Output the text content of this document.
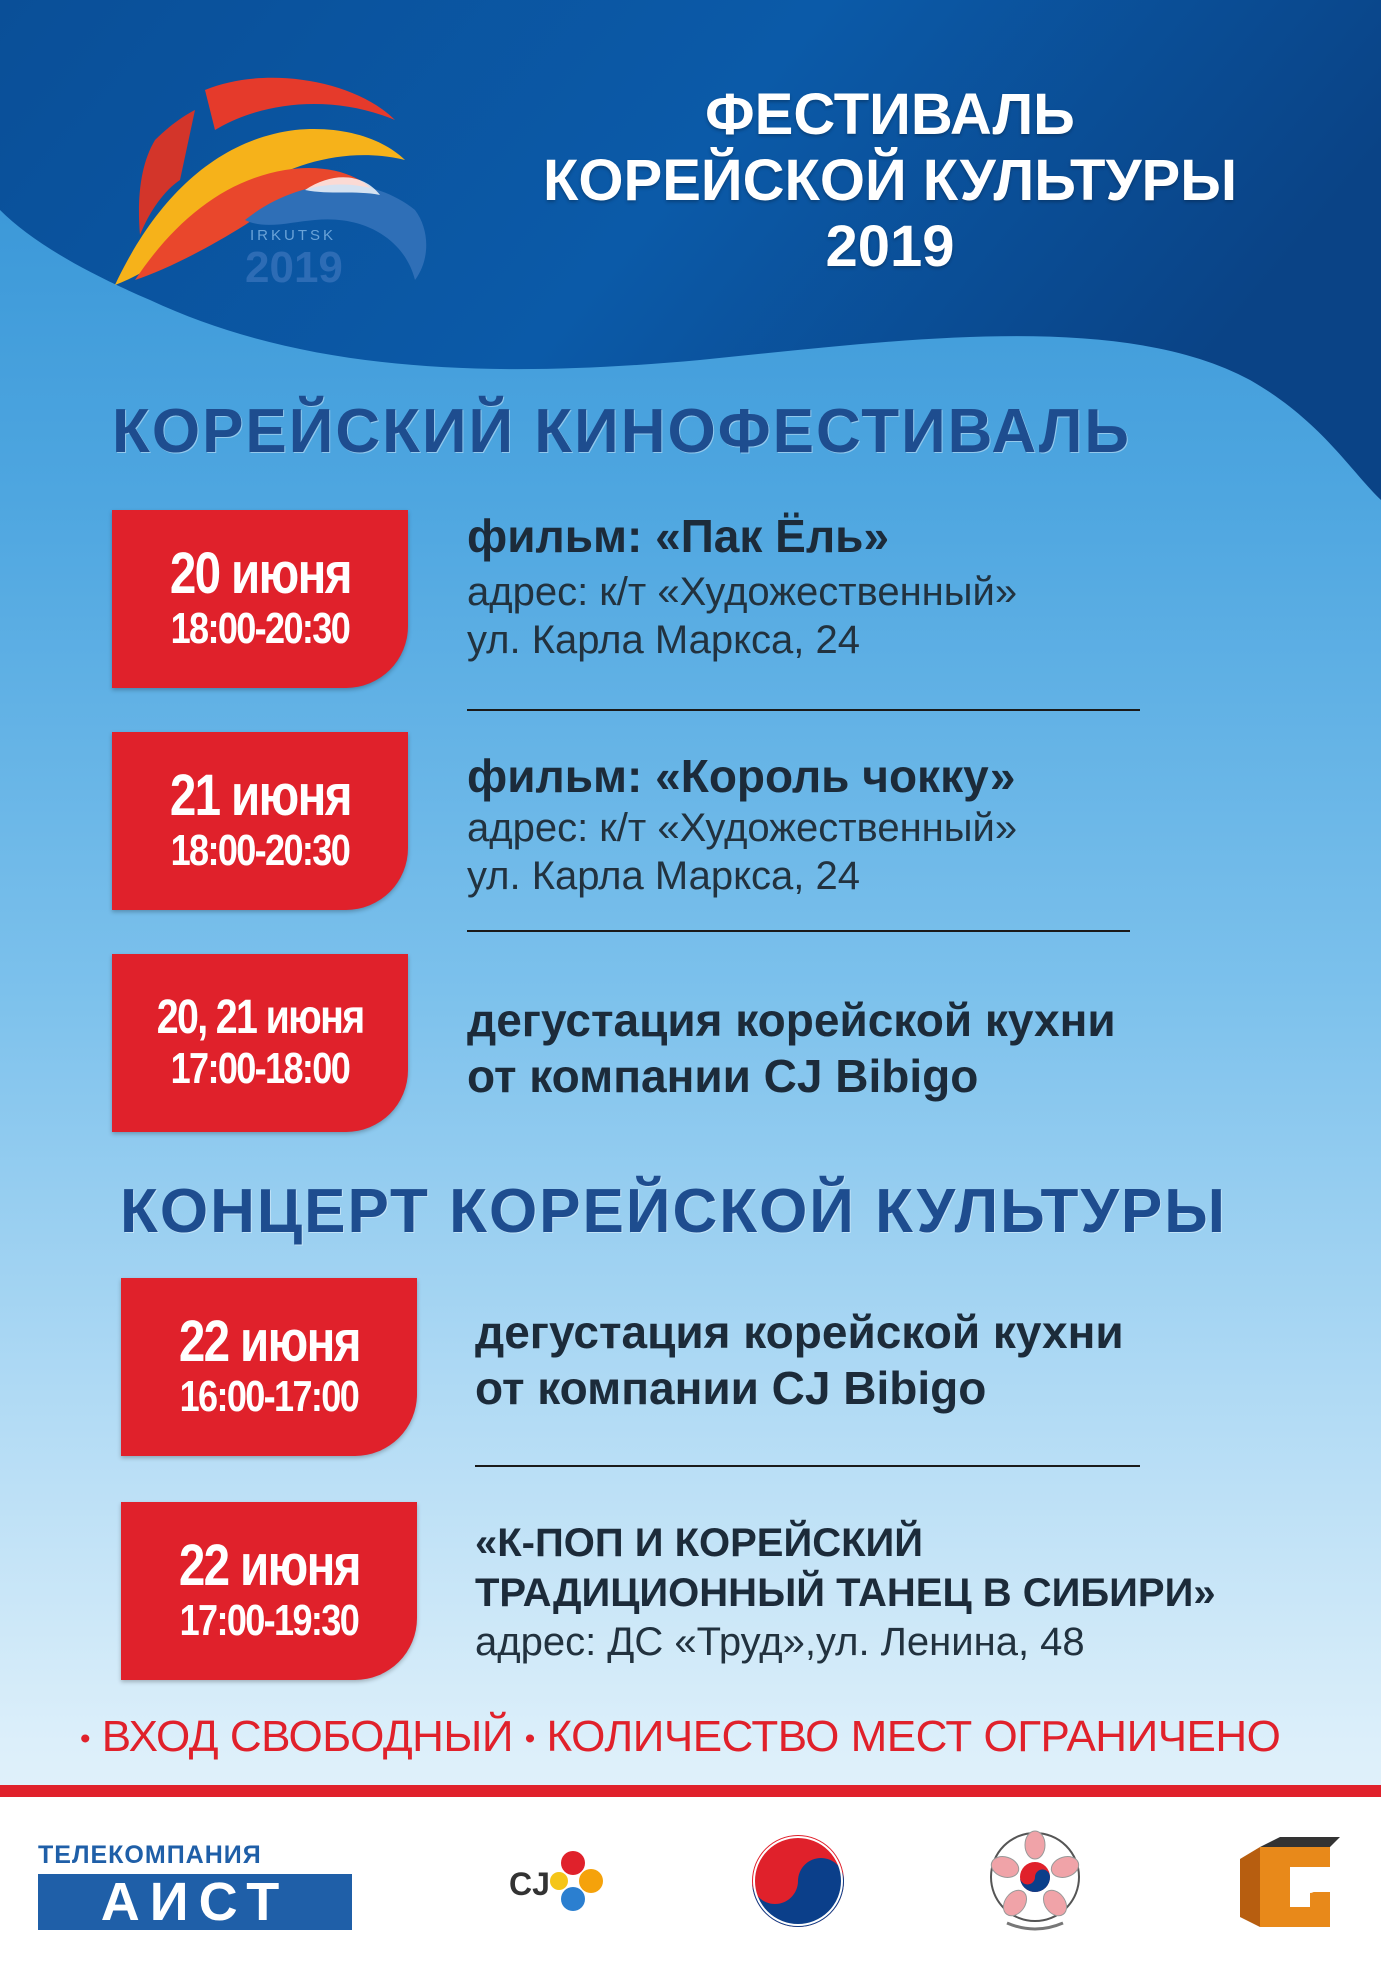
IRKUTSK
2019
ФЕСТИВАЛЬ
КОРЕЙСКОЙ КУЛЬТУРЫ
2019
КОРЕЙСКИЙ КИНОФЕСТИВАЛЬ
20 июня
18:00-20:30
фильм: «Пак Ёль»
адрес: к/т «Художественный»
ул. Карла Маркса, 24
21 июня
18:00-20:30
фильм: «Король чокку»
адрес: к/т «Художественный»
ул. Карла Маркса, 24
20, 21 июня
17:00-18:00
дегустация корейской кухни
от компании CJ Bibigo
КОНЦЕРТ КОРЕЙСКОЙ КУЛЬТУРЫ
22 июня
16:00-17:00
дегустация корейской кухни
от компании CJ Bibigo
22 июня
17:00-19:30
«К-ПОП И КОРЕЙСКИЙ
ТРАДИЦИОННЫЙ ТАНЕЦ В СИБИРИ»
адрес: ДС «Труд»,ул. Ленина, 48
• ВХОД СВОБОДНЫЙ • КОЛИЧЕСТВО МЕСТ ОГРАНИЧЕНО
ТЕЛЕКОМПАНИЯ
АИСТ	CJ	TC
